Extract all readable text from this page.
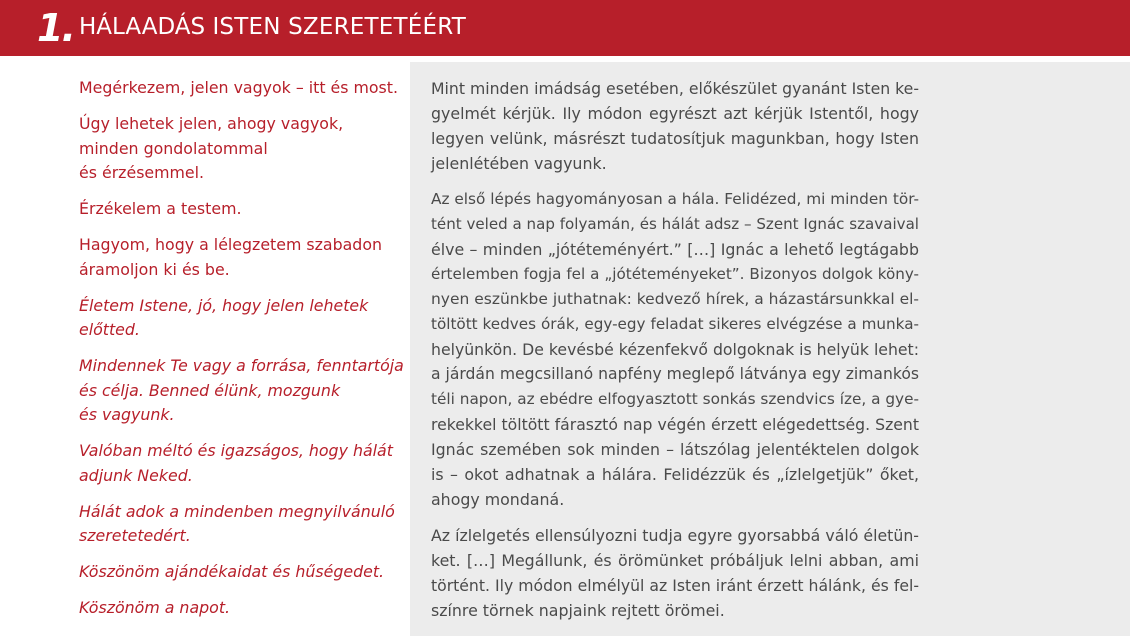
1. HÁLAADÁS ISTEN SZERETETÉÉRT
Megérkezem, jelen vagyok – itt és most.
Úgy lehetek jelen, ahogy vagyok,
minden gondolatommal
és érzésemmel.
Érzékelem a testem.
Hagyom, hogy a lélegzetem szabadon
áramoljon ki és be.
Életem Istene, jó, hogy jelen lehetek
előtted.
Mindennek Te vagy a forrása, fenntartója
és célja. Benned élünk, mozgunk
és vagyunk.
Valóban méltó és igazságos, hogy hálát
adjunk Neked.
Hálát adok a mindenben megnyilvánuló
szeretetedért.
Köszönöm ajándékaidat és hűségedet.
Köszönöm a napot.
Mint minden imádság esetében, előkészület gyanánt Isten ke-
gyelmét kérjük. Ily módon egyrészt azt kérjük Istentől, hogy
legyen velünk, másrészt tudatosítjuk magunkban, hogy Isten
jelenlétében vagyunk.
Az első lépés hagyományosan a hála. Felidézed, mi minden tör-
tént veled a nap folyamán, és hálát adsz – Szent Ignác szavaival
élve – minden „jótéteményért.” […] Ignác a lehető legtágabb
értelemben fogja fel a „jótéteményeket”. Bizonyos dolgok köny-
nyen eszünkbe juthatnak: kedvező hírek, a házastársunkkal el-
töltött kedves órák, egy-egy feladat sikeres elvégzése a munka-
helyünkön. De kevésbé kézenfekvő dolgoknak is helyük lehet:
a járdán megcsillanó napfény meglepő látványa egy zimankós
téli napon, az ebédre elfogyasztott sonkás szendvics íze, a gye-
rekekkel töltött fárasztó nap végén érzett elégedettség. Szent
Ignác szemében sok minden – látszólag jelentéktelen dolgok
is – okot adhatnak a hálára. Felidézzük és „ízlelgetjük” őket,
ahogy mondaná.
Az ízlelgetés ellensúlyozni tudja egyre gyorsabbá váló életün-
ket. […] Megállunk, és örömünket próbáljuk lelni abban, ami
történt. Ily módon elmélyül az Isten iránt érzett hálánk, és fel-
színre törnek napjaink rejtett örömei.
